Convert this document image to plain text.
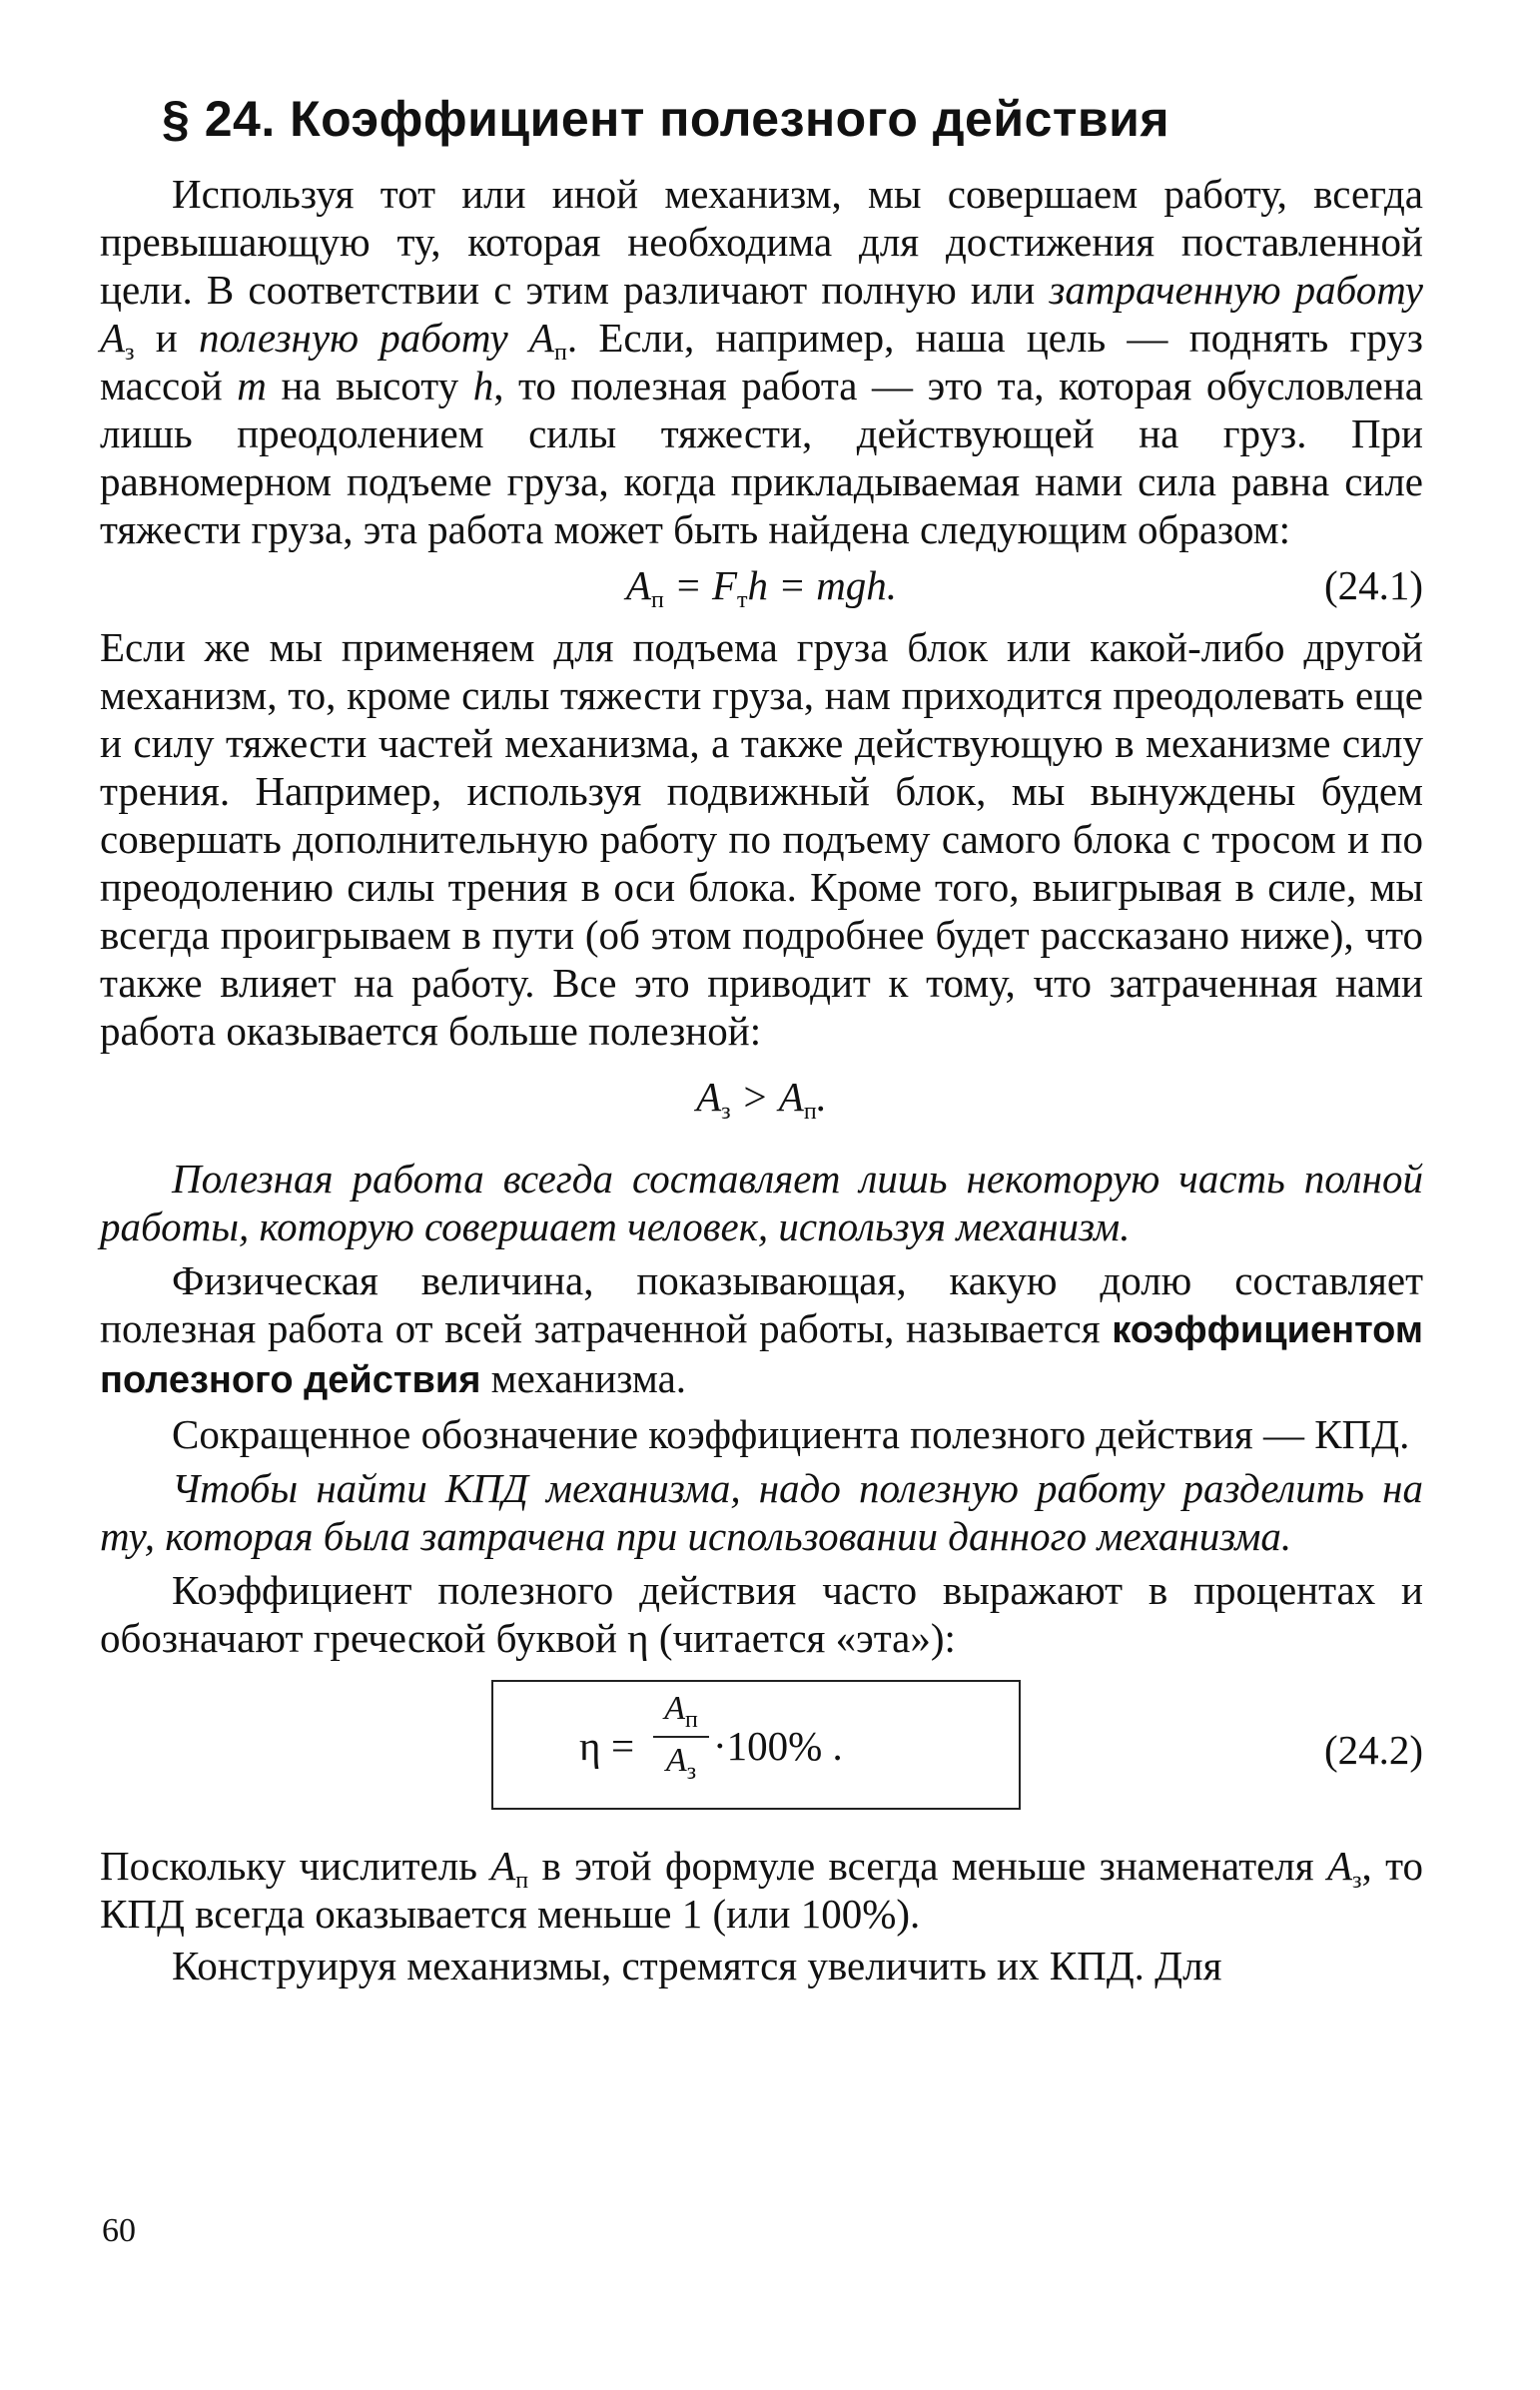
§ 24. Коэффициент полезного действия

Используя тот или иной механизм, мы совершаем работу, всегда превышающую ту, которая необходима для достижения поставленной цели. В соответствии с этим различают полную или затраченную работу $A_з$ и полезную работу $A_п$. Если, например, наша цель — поднять груз массой m на высоту h, то полезная работа — это та, которая обусловлена лишь преодолением силы тяжести, действующей на груз. При равномерном подъеме груза, когда прикладываемая нами сила равна силе тяжести груза, эта работа может быть найдена следующим образом:

$A_п = F_тh$ = mgh.	(24.1)

Если же мы применяем для подъема груза блок или какой-либо другой механизм, то, кроме силы тяжести груза, нам приходится преодолевать еще и силу тяжести частей механизма, а также действующую в механизме силу трения. Например, используя подвижный блок, мы вынуждены будем совершать дополнительную работу по подъему самого блока с тросом и по преодолению силы трения в оси блока. Кроме того, выигрывая в силе, мы всегда проигрываем в пути (об этом подробнее будет рассказано ниже), что также влияет на работу. Все это приводит к тому, что затраченная нами работа оказывается больше полезной:

$A_з > A_п$.

Полезная работа всегда составляет лишь некоторую часть полной работы, которую совершает человек, используя механизм.

Физическая величина, показывающая, какую долю составляет полезная работа от всей затраченной работы, называется коэффициентом полезного действия механизма.

Сокращенное обозначение коэффициента полезного действия — КПД.

Чтобы найти КПД механизма, надо полезную работу разделить на ту, которая была затрачена при использовании данного механизма.

Коэффициент полезного действия часто выражают в процентах и обозначают греческой буквой η (читается «эта»):

η =
$A_п$
$A_з$
·100% .	(24.2)

Поскольку числитель $A_п$ в этой формуле всегда меньше знаменателя $A_з$, то КПД всегда оказывается меньше 1 (или 100%).

Конструируя механизмы, стремятся увеличить их КПД. Для

60
